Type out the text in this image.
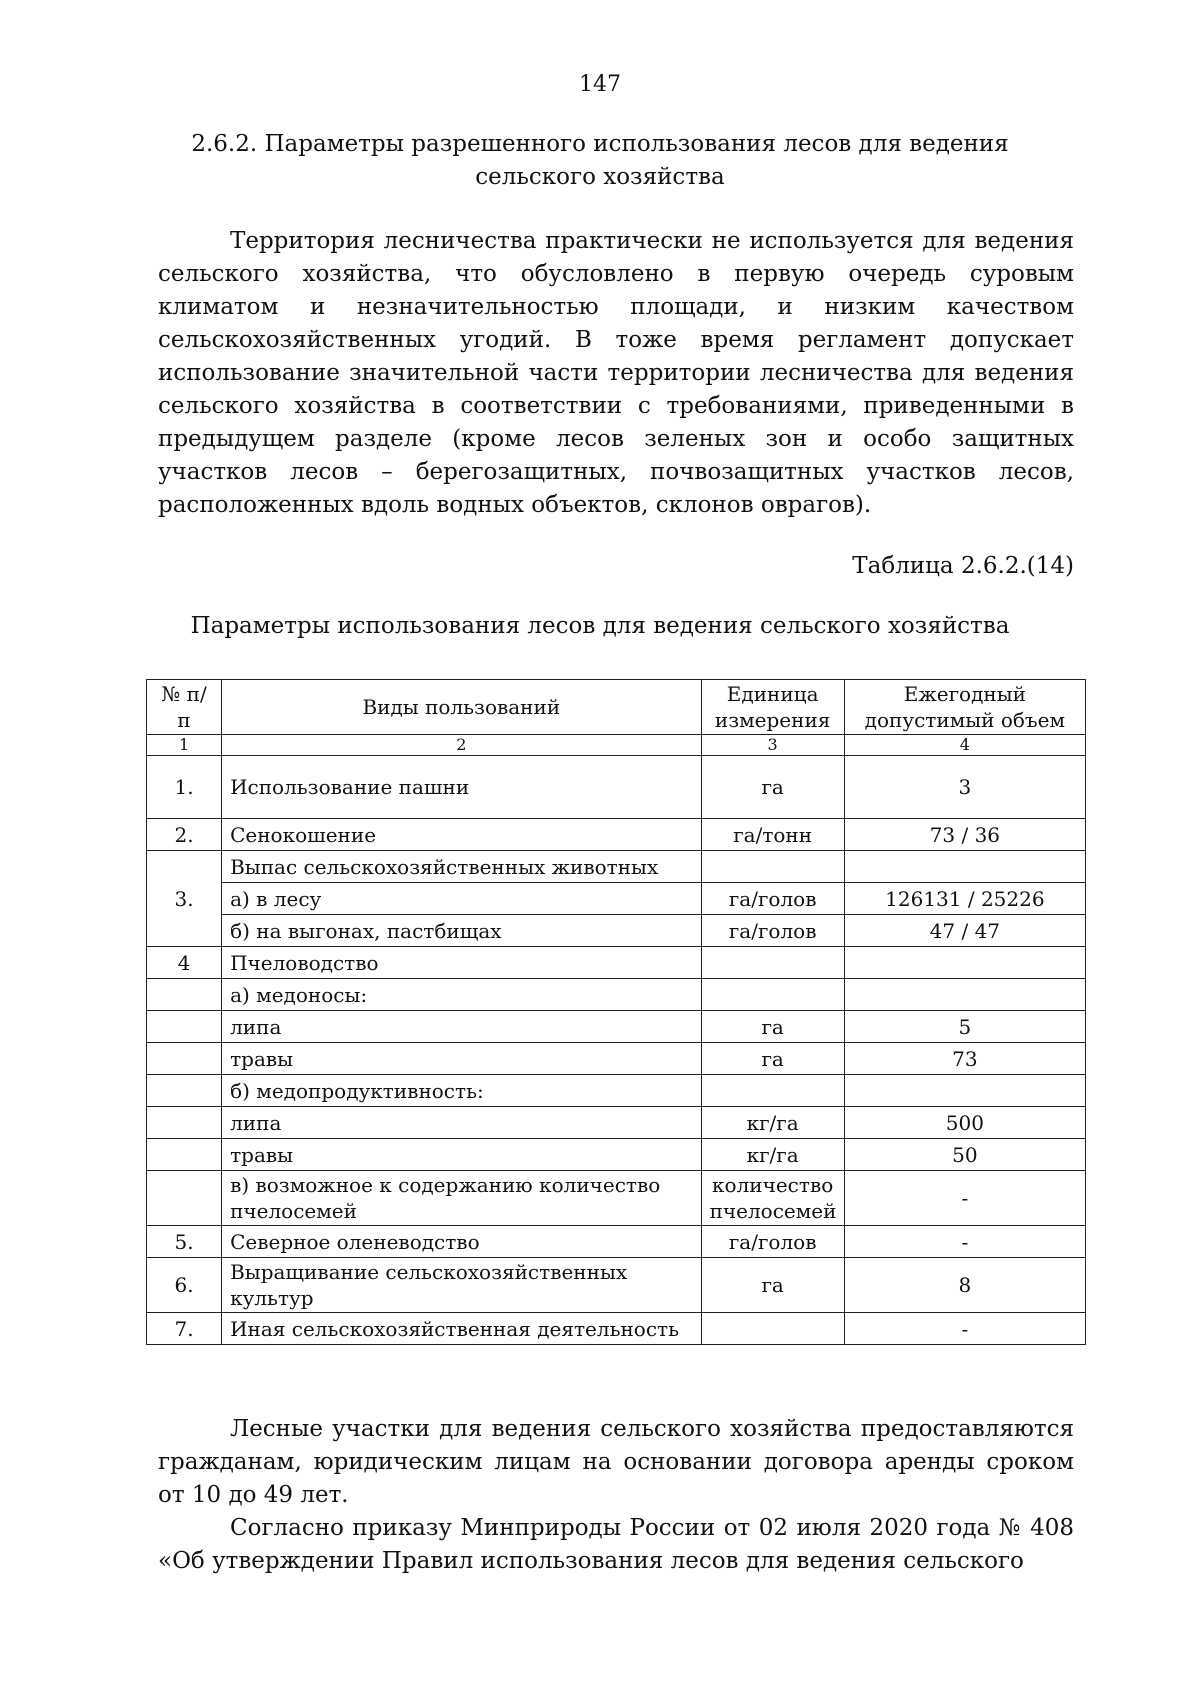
147
2.6.2. Параметры разрешенного использования лесов для ведения сельского хозяйства
Территория лесничества практически не используется для ведения сельского хозяйства, что обусловлено в первую очередь суровым климатом и незначительностью площади, и низким качеством сельскохозяйственных угодий. В тоже время регламент допускает использование значительной части территории лесничества для ведения сельского хозяйства в соответствии с требованиями, приведенными в предыдущем разделе (кроме лесов зеленых зон и особо защитных участков лесов – берегозащитных, почвозащитных участков лесов, расположенных вдоль водных объектов, склонов оврагов).
Таблица 2.6.2.(14)
Параметры использования лесов для ведения сельского хозяйства
№ п/п	Виды пользований	Единица измерения	Ежегодный допустимый объем
1	2	3	4
1.	Использование пашни	га	3
2.	Сенокошение	га/тонн	73 / 36
3.	Выпас сельскохозяйственных животных		
	а) в лесу	га/голов	126131 / 25226
	б) на выгонах, пастбищах	га/голов	47 / 47
4	Пчеловодство		
	а) медоносы:		
	липа	га	5
	травы	га	73
	б) медопродуктивность:		
	липа	кг/га	500
	травы	кг/га	50
	в) возможное к содержанию количество пчелосемей	количество пчелосемей	-
5.	Северное оленеводство	га/голов	-
6.	Выращивание сельскохозяйственных культур	га	8
7.	Иная сельскохозяйственная деятельность		-
Лесные участки для ведения сельского хозяйства предоставляются гражданам, юридическим лицам на основании договора аренды сроком от 10 до 49 лет.
Согласно приказу Минприроды России от 02 июля 2020 года № 408 «Об утверждении Правил использования лесов для ведения сельского
